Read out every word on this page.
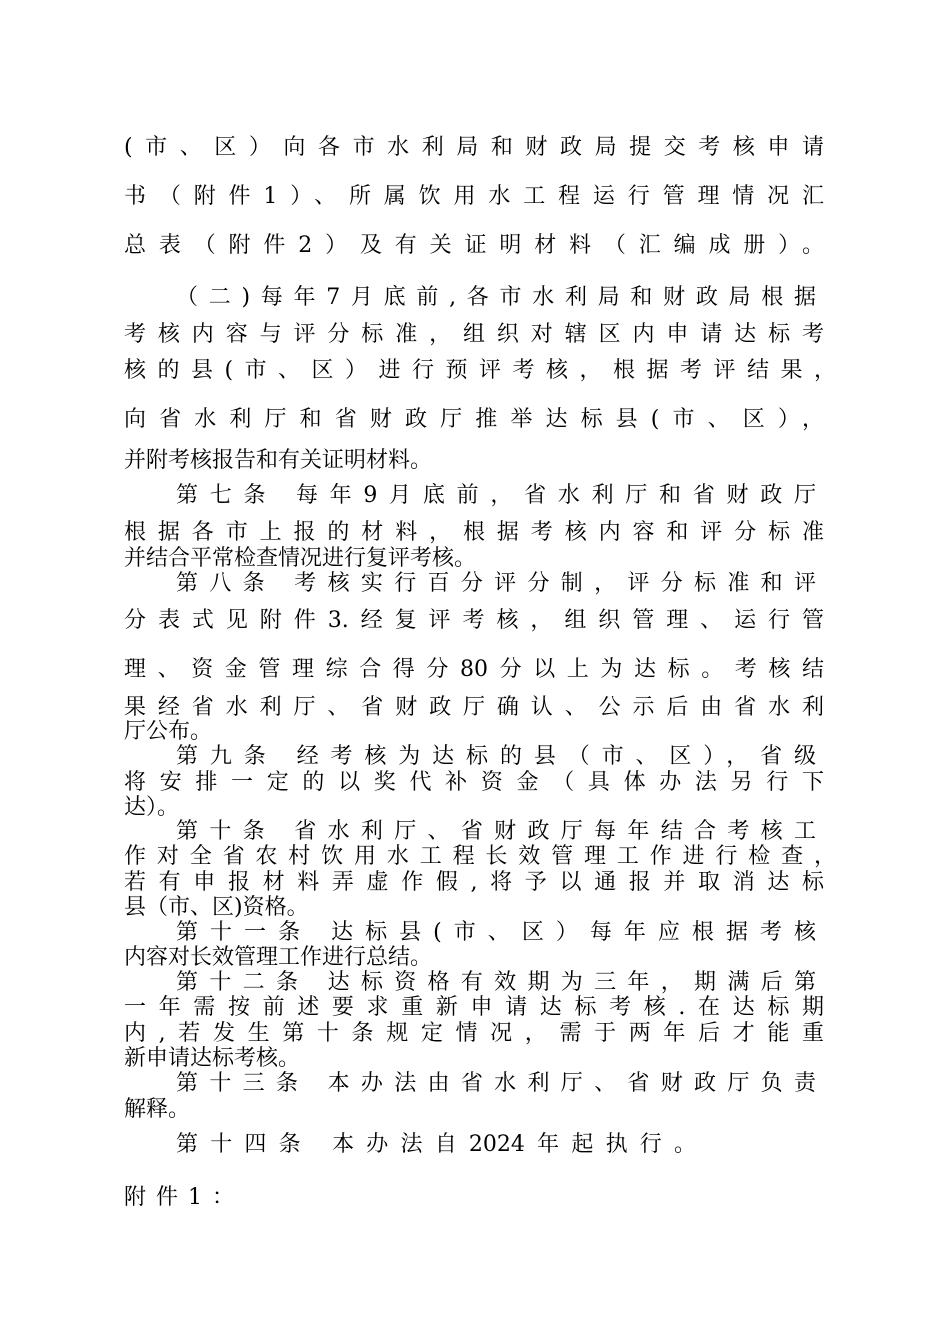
(市、区）向各市水利局和财政局提交考核申请
书（附件1）、所属饮用水工程运行管理情况汇
总表（附件2）及有关证明材料（汇编成册）。
（二)每年7月底前,各市水利局和财政局根据
考核内容与评分标准，组织对辖区内申请达标考
核的县(市、区）进行预评考核，根据考评结果，
向省水利厅和省财政厅推举达标县(市、区），
并附考核报告和有关证明材料。
第七条 每年9月底前，省水利厅和省财政厅
根据各市上报的材料，根据考核内容和评分标准
并结合平常检查情况进行复评考核。
第八条 考核实行百分评分制，评分标准和评
分表式见附件3.经复评考核，组织管理、运行管
理、资金管理综合得分80分以上为达标。考核结
果经省水利厅、省财政厅确认、公示后由省水利
厅公布。
第九条 经考核为达标的县（市、区），省级
将安排一定的以奖代补资金（具体办法另行下
达）。
第十条 省水利厅、省财政厅每年结合考核工
作对全省农村饮用水工程长效管理工作进行检查，
若有申报材料弄虚作假,将予以通报并取消达标
县（市、区)资格。
第十一条 达标县(市、区）每年应根据考核
内容对长效管理工作进行总结。
第十二条 达标资格有效期为三年，期满后第
一年需按前述要求重新申请达标考核.在达标期
内,若发生第十条规定情况，需于两年后才能重
新申请达标考核。
第十三条 本办法由省水利厅、省财政厅负责
解释。
第十四条 本办法自2024年起执行。
附件1：
